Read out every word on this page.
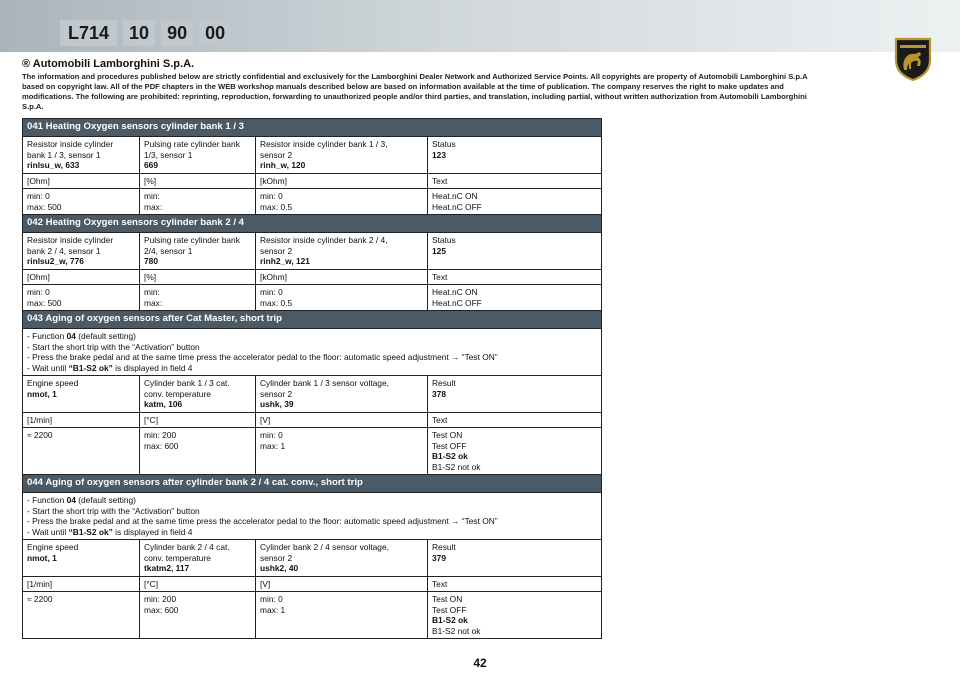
L714	10	90	00
® Automobili Lamborghini S.p.A.
The information and procedures published below are strictly confidential and exclusively for the Lamborghini Dealer Network and Authorized Service Points. All copyrights are property of Automobili Lamborghini S.p.A based on copyright law. All of the PDF chapters in the WEB workshop manuals described below are based on information available at the time of publication. The company reserves the right to make updates and modifications. The following are prohibited: reprinting, reproduction, forwarding to unauthorized people and/or third parties, and translation, including partial, without written authorization from Automobili Lamborghini S.p.A.
041 Heating Oxygen sensors cylinder bank 1 / 3			

Resistor inside cylinder
bank 1 / 3, sensor 1
rinlsu_w, 633	Pulsing rate cylinder bank
1/3, sensor 1
669	Resistor inside cylinder bank 1 / 3,
sensor 2
rinh_w, 120	Status
123

[Ohm]	[%]	[kOhm]	Text

min: 0
max: 500	min:
max:	min: 0
max: 0.5	Heat.nC ON
Heat.nC OFF

042 Heating Oxygen sensors cylinder bank 2 / 4			

Resistor inside cylinder
bank 2 / 4, sensor 1
rinlsu2_w, 776	Pulsing rate cylinder bank
2/4, sensor 1
780	Resistor inside cylinder bank 2 / 4,
sensor 2
rinh2_w, 121	Status
125

[Ohm]	[%]	[kOhm]	Text

min: 0
max: 500	min:
max:	min: 0
max: 0.5	Heat.nC ON
Heat.nC OFF

043 Aging of oxygen sensors after Cat Master, short trip			

- Function 04 (default setting)
- Start the short trip with the “Activation” button
- Press the brake pedal and at the same time press the accelerator pedal to the floor: automatic speed adjustment → “Test ON”
- Wait until “B1-S2 ok” is displayed in field 4			

Engine speed
nmot, 1	Cylinder bank 1 / 3 cat.
conv. temperature
katm, 106	Cylinder bank 1 / 3 sensor voltage,
sensor 2
ushk, 39	Result
378

[1/min]	[°C]	[V]	Text

≈ 2200	min: 200
max: 600	min: 0
max: 1	Test ON
Test OFF
B1-S2 ok
B1-S2 not ok

044 Aging of oxygen sensors after cylinder bank 2 / 4 cat. conv., short trip			

- Function 04 (default setting)
- Start the short trip with the “Activation” button
- Press the brake pedal and at the same time press the accelerator pedal to the floor: automatic speed adjustment → “Test ON”
- Wait until “B1-S2 ok” is displayed in field 4			

Engine speed
nmot, 1	Cylinder bank 2 / 4 cat.
conv. temperature
tkatm2, 117	Cylinder bank 2 / 4 sensor voltage,
sensor 2
ushk2, 40	Result
379

[1/min]	[°C]	[V]	Text

≈ 2200	min: 200
max: 600	min: 0
max: 1	Test ON
Test OFF
B1-S2 ok
B1-S2 not ok
42
